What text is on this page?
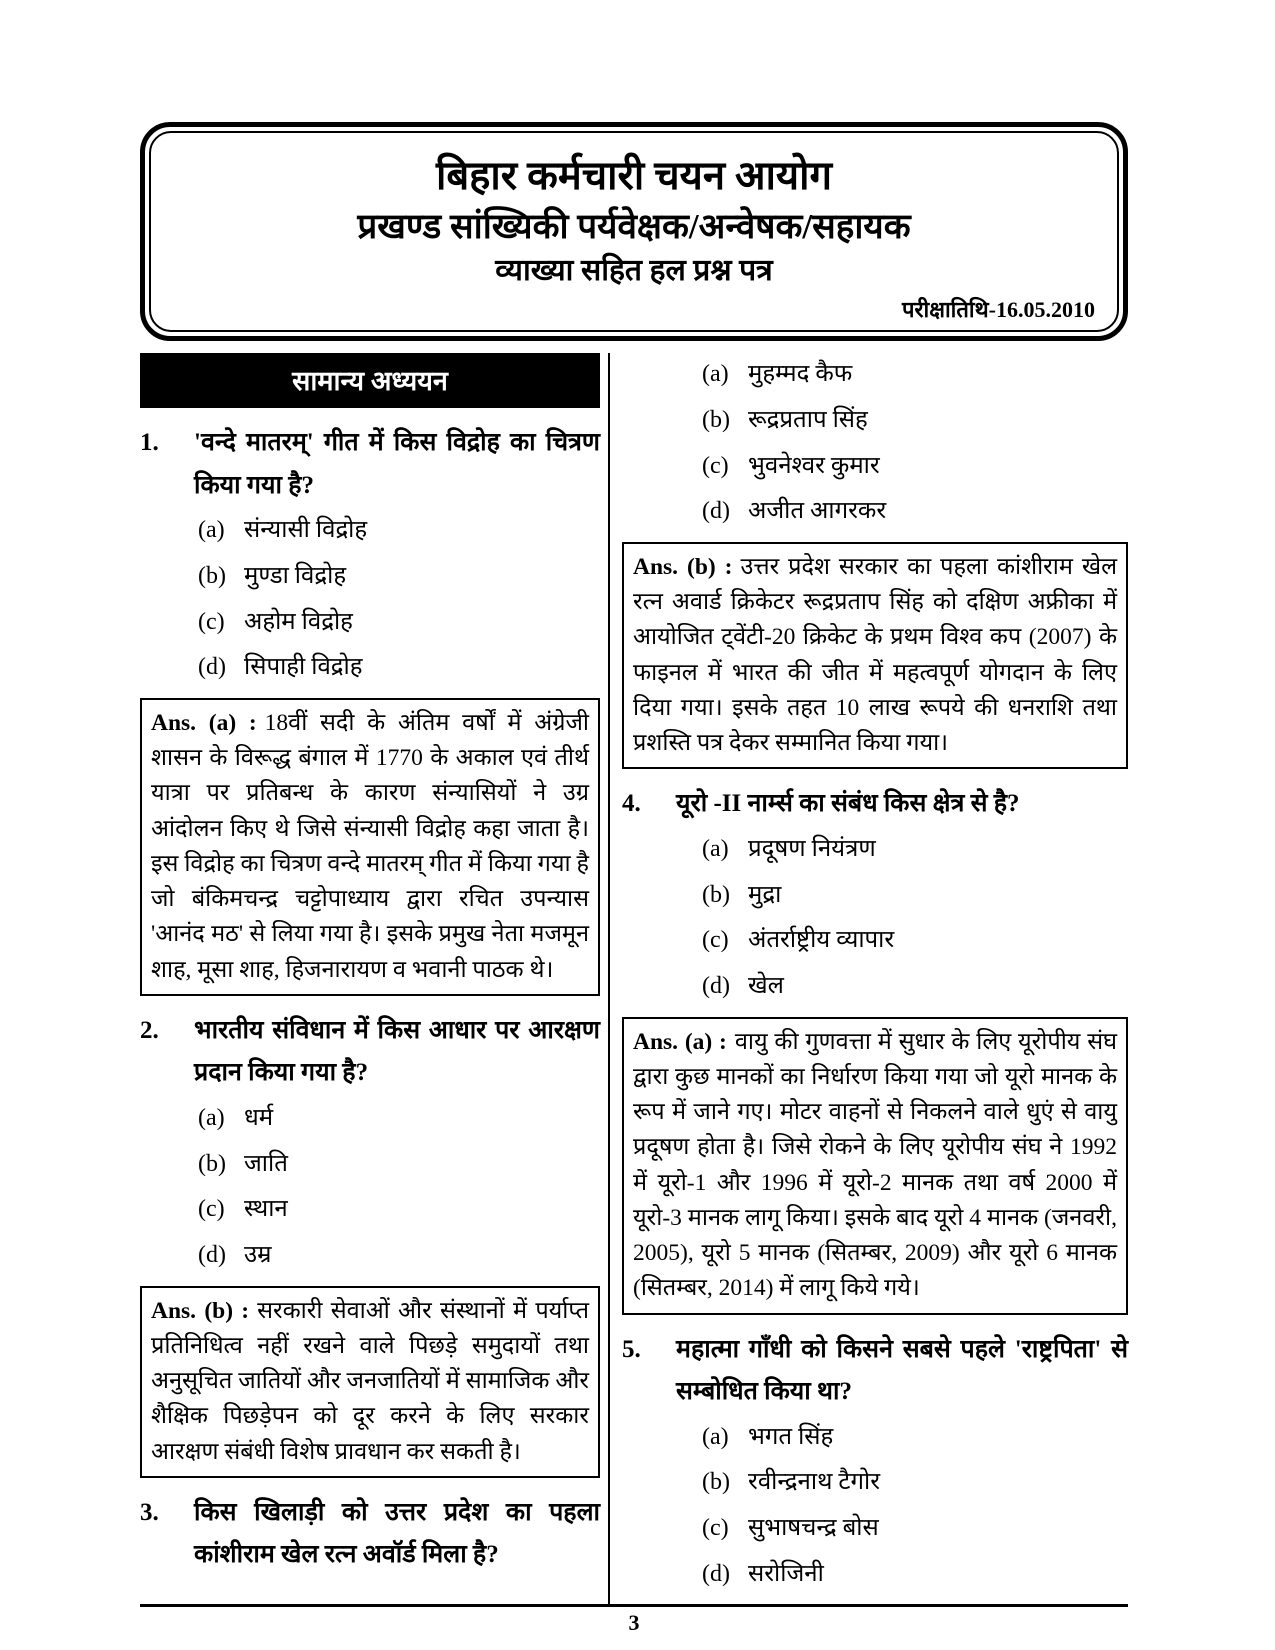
बिहार कर्मचारी चयन आयोग
प्रखण्ड सांख्यिकी पर्यवेक्षक/अन्वेषक/सहायक
व्याख्या सहित हल प्रश्न पत्र
परीक्षातिथि-16.05.2010
सामान्य अध्ययन
1.	'वन्दे मातरम्' गीत में किस विद्रोह का चित्रण किया गया है?
(a) संन्यासी विद्रोह
(b) मुण्डा विद्रोह
(c) अहोम विद्रोह
(d) सिपाही विद्रोह
Ans. (a) : 18वीं सदी के अंतिम वर्षों में अंग्रेजी शासन के विरूद्ध बंगाल में 1770 के अकाल एवं तीर्थ यात्रा पर प्रतिबन्ध के कारण संन्यासियों ने उग्र आंदोलन किए थे जिसे संन्यासी विद्रोह कहा जाता है। इस विद्रोह का चित्रण वन्दे मातरम् गीत में किया गया है जो बंकिमचन्द्र चट्टोपाध्याय द्वारा रचित उपन्यास 'आनंद मठ' से लिया गया है। इसके प्रमुख नेता मजमून शाह, मूसा शाह, हिजनारायण व भवानी पाठक थे।
2.	भारतीय संविधान में किस आधार पर आरक्षण प्रदान किया गया है?
(a) धर्म
(b) जाति
(c) स्थान
(d) उम्र
Ans. (b) : सरकारी सेवाओं और संस्थानों में पर्याप्त प्रतिनिधित्व नहीं रखने वाले पिछड़े समुदायों तथा अनुसूचित जातियों और जनजातियों में सामाजिक और शैक्षिक पिछड़ेपन को दूर करने के लिए सरकार आरक्षण संबंधी विशेष प्रावधान कर सकती है।
3.	किस खिलाड़ी को उत्तर प्रदेश का पहला कांशीराम खेल रत्न अवॉर्ड मिला है?
(a) मुहम्मद कैफ
(b) रूद्रप्रताप सिंह
(c) भुवनेश्वर कुमार
(d) अजीत आगरकर
Ans. (b) : उत्तर प्रदेश सरकार का पहला कांशीराम खेल रत्न अवार्ड क्रिकेटर रूद्रप्रताप सिंह को दक्षिण अफ्रीका में आयोजित ट्वेंटी-20 क्रिकेट के प्रथम विश्व कप (2007) के फाइनल में भारत की जीत में महत्वपूर्ण योगदान के लिए दिया गया। इसके तहत 10 लाख रूपये की धनराशि तथा प्रशस्ति पत्र देकर सम्मानित किया गया।
4.	यूरो -II नार्म्स का संबंध किस क्षेत्र से है?
(a) प्रदूषण नियंत्रण
(b) मुद्रा
(c) अंतर्राष्ट्रीय व्यापार
(d) खेल
Ans. (a) : वायु की गुणवत्ता में सुधार के लिए यूरोपीय संघ द्वारा कुछ मानकों का निर्धारण किया गया जो यूरो मानक के रूप में जाने गए। मोटर वाहनों से निकलने वाले धुएं से वायु प्रदूषण होता है। जिसे रोकने के लिए यूरोपीय संघ ने 1992 में यूरो-1 और 1996 में यूरो-2 मानक तथा वर्ष 2000 में यूरो-3 मानक लागू किया। इसके बाद यूरो 4 मानक (जनवरी, 2005), यूरो 5 मानक (सितम्बर, 2009) और यूरो 6 मानक (सितम्बर, 2014) में लागू किये गये।
5.	महात्मा गाँधी को किसने सबसे पहले 'राष्ट्रपिता' से सम्बोधित किया था?
(a) भगत सिंह
(b) रवीन्द्रनाथ टैगोर
(c) सुभाषचन्द्र बोस
(d) सरोजिनी
3
